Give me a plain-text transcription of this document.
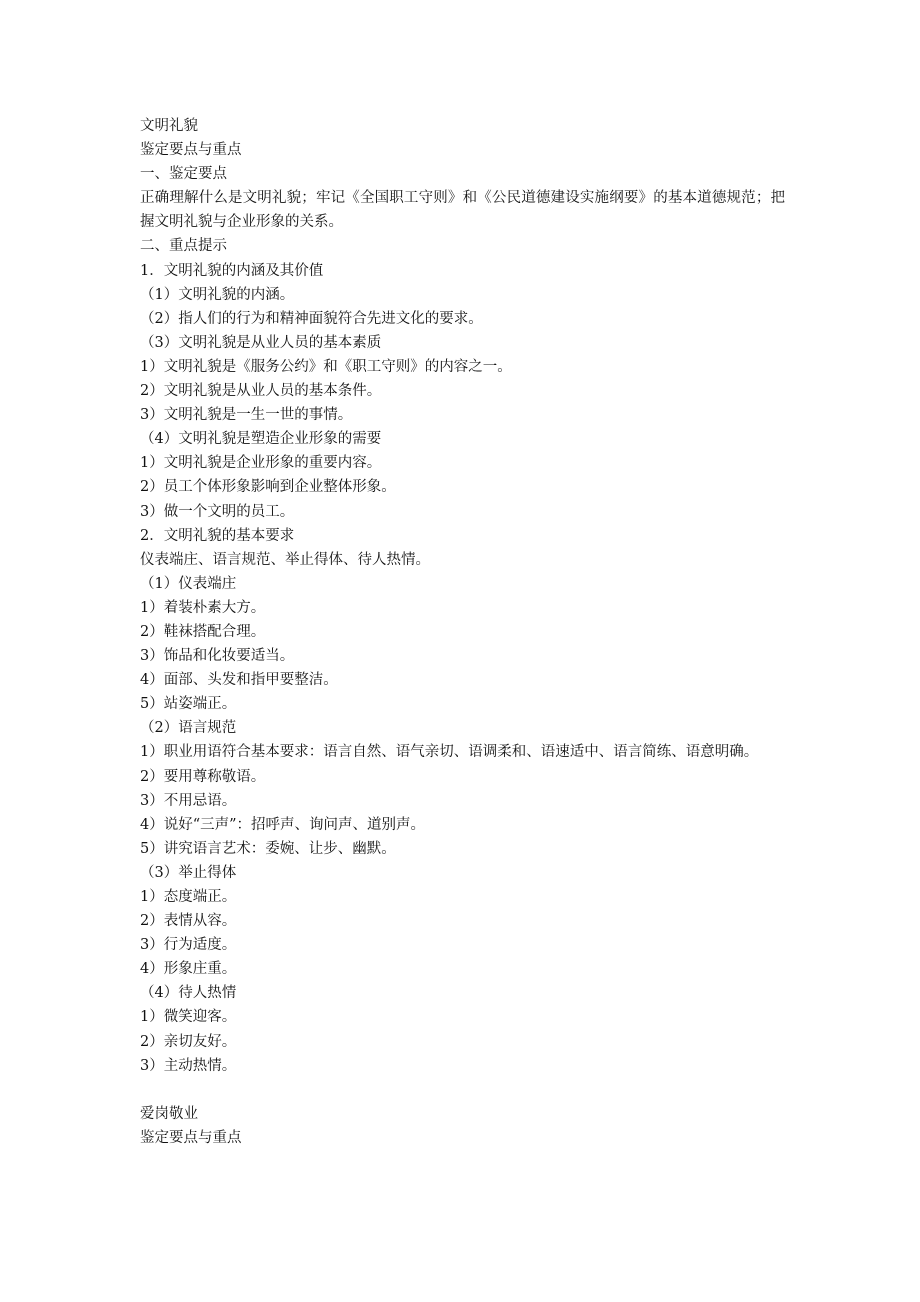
文明礼貌
鉴定要点与重点
一、鉴定要点
正确理解什么是文明礼貌；牢记《全国职工守则》和《公民道德建设实施纲要》的基本道德规范；把握文明礼貌与企业形象的关系。
二、重点提示
1．文明礼貌的内涵及其价值
（1）文明礼貌的内涵。
（2）指人们的行为和精神面貌符合先进文化的要求。
（3）文明礼貌是从业人员的基本素质
1）文明礼貌是《服务公约》和《职工守则》的内容之一。
2）文明礼貌是从业人员的基本条件。
3）文明礼貌是一生一世的事情。
（4）文明礼貌是塑造企业形象的需要
1）文明礼貌是企业形象的重要内容。
2）员工个体形象影响到企业整体形象。
3）做一个文明的员工。
2．文明礼貌的基本要求
仪表端庄、语言规范、举止得体、待人热情。
（1）仪表端庄
1）着装朴素大方。
2）鞋袜搭配合理。
3）饰品和化妆要适当。
4）面部、头发和指甲要整洁。
5）站姿端正。
（2）语言规范
1）职业用语符合基本要求：语言自然、语气亲切、语调柔和、语速适中、语言简练、语意明确。
2）要用尊称敬语。
3）不用忌语。
4）说好“三声”：招呼声、询问声、道别声。
5）讲究语言艺术：委婉、让步、幽默。
（3）举止得体
1）态度端正。
2）表情从容。
3）行为适度。
4）形象庄重。
（4）待人热情
1）微笑迎客。
2）亲切友好。
3）主动热情。
爱岗敬业
鉴定要点与重点
